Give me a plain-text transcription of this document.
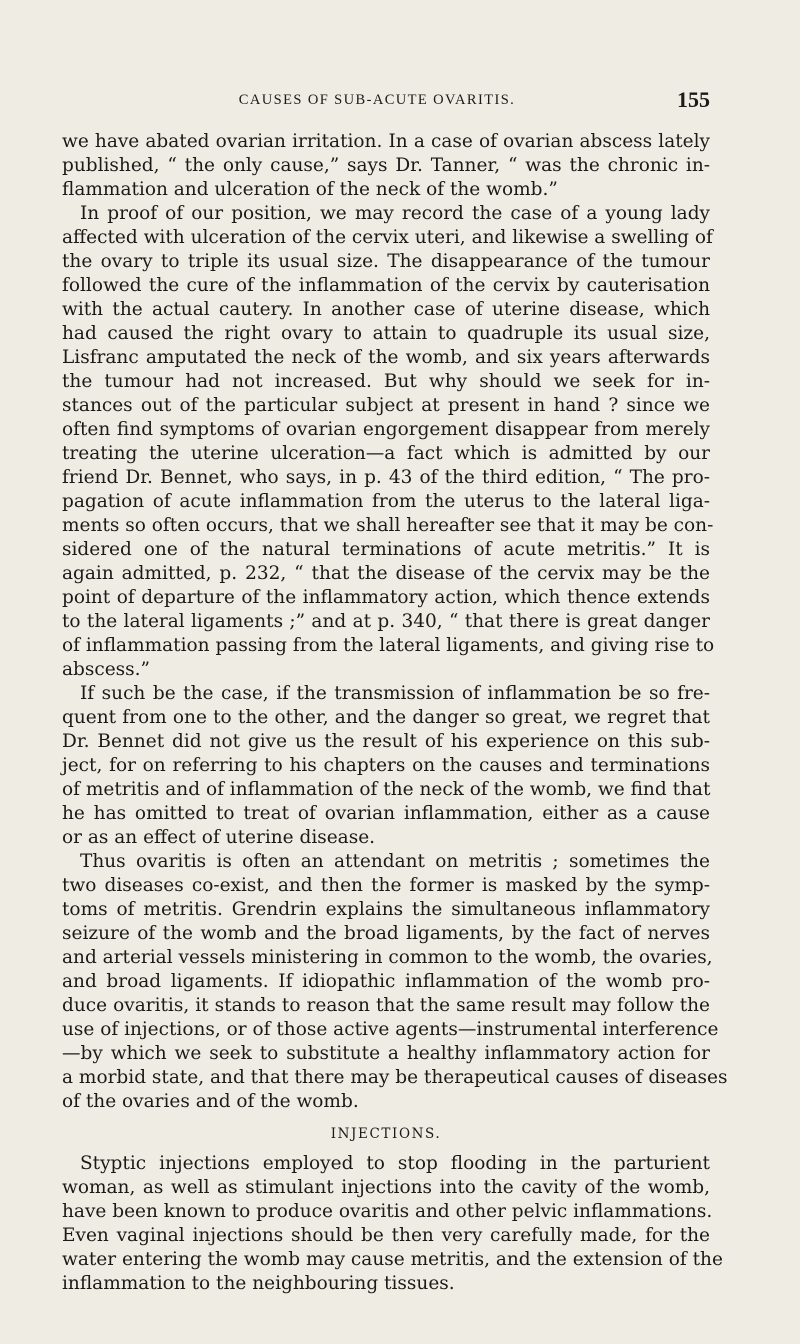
CAUSES OF SUB-ACUTE OVARITIS.	155
we have abated ovarian irritation. In a case of ovarian abscess lately
published, “ the only cause,” says Dr. Tanner, “ was the chronic in-
flammation and ulceration of the neck of the womb.”
In proof of our position, we may record the case of a young lady
affected with ulceration of the cervix uteri, and likewise a swelling of
the ovary to triple its usual size. The disappearance of the tumour
followed the cure of the inflammation of the cervix by cauterisation
with the actual cautery. In another case of uterine disease, which
had caused the right ovary to attain to quadruple its usual size,
Lisfranc amputated the neck of the womb, and six years afterwards
the tumour had not increased. But why should we seek for in-
stances out of the particular subject at present in hand ? since we
often find symptoms of ovarian engorgement disappear from merely
treating the uterine ulceration—a fact which is admitted by our
friend Dr. Bennet, who says, in p. 43 of the third edition, “ The pro-
pagation of acute inflammation from the uterus to the lateral liga-
ments so often occurs, that we shall hereafter see that it may be con-
sidered one of the natural terminations of acute metritis.” It is
again admitted, p. 232, “ that the disease of the cervix may be the
point of departure of the inflammatory action, which thence extends
to the lateral ligaments ;” and at p. 340, “ that there is great danger
of inflammation passing from the lateral ligaments, and giving rise to
abscess.”
If such be the case, if the transmission of inflammation be so fre-
quent from one to the other, and the danger so great, we regret that
Dr. Bennet did not give us the result of his experience on this sub-
ject, for on referring to his chapters on the causes and terminations
of metritis and of inflammation of the neck of the womb, we find that
he has omitted to treat of ovarian inflammation, either as a cause
or as an effect of uterine disease.
Thus ovaritis is often an attendant on metritis ; sometimes the
two diseases co-exist, and then the former is masked by the symp-
toms of metritis. Grendrin explains the simultaneous inflammatory
seizure of the womb and the broad ligaments, by the fact of nerves
and arterial vessels ministering in common to the womb, the ovaries,
and broad ligaments. If idiopathic inflammation of the womb pro-
duce ovaritis, it stands to reason that the same result may follow the
use of injections, or of those active agents—instrumental interference
—by which we seek to substitute a healthy inflammatory action for
a morbid state, and that there may be therapeutical causes of diseases
of the ovaries and of the womb.
INJECTIONS.
Styptic injections employed to stop flooding in the parturient
woman, as well as stimulant injections into the cavity of the womb,
have been known to produce ovaritis and other pelvic inflammations.
Even vaginal injections should be then very carefully made, for the
water entering the womb may cause metritis, and the extension of the
inflammation to the neighbouring tissues.
